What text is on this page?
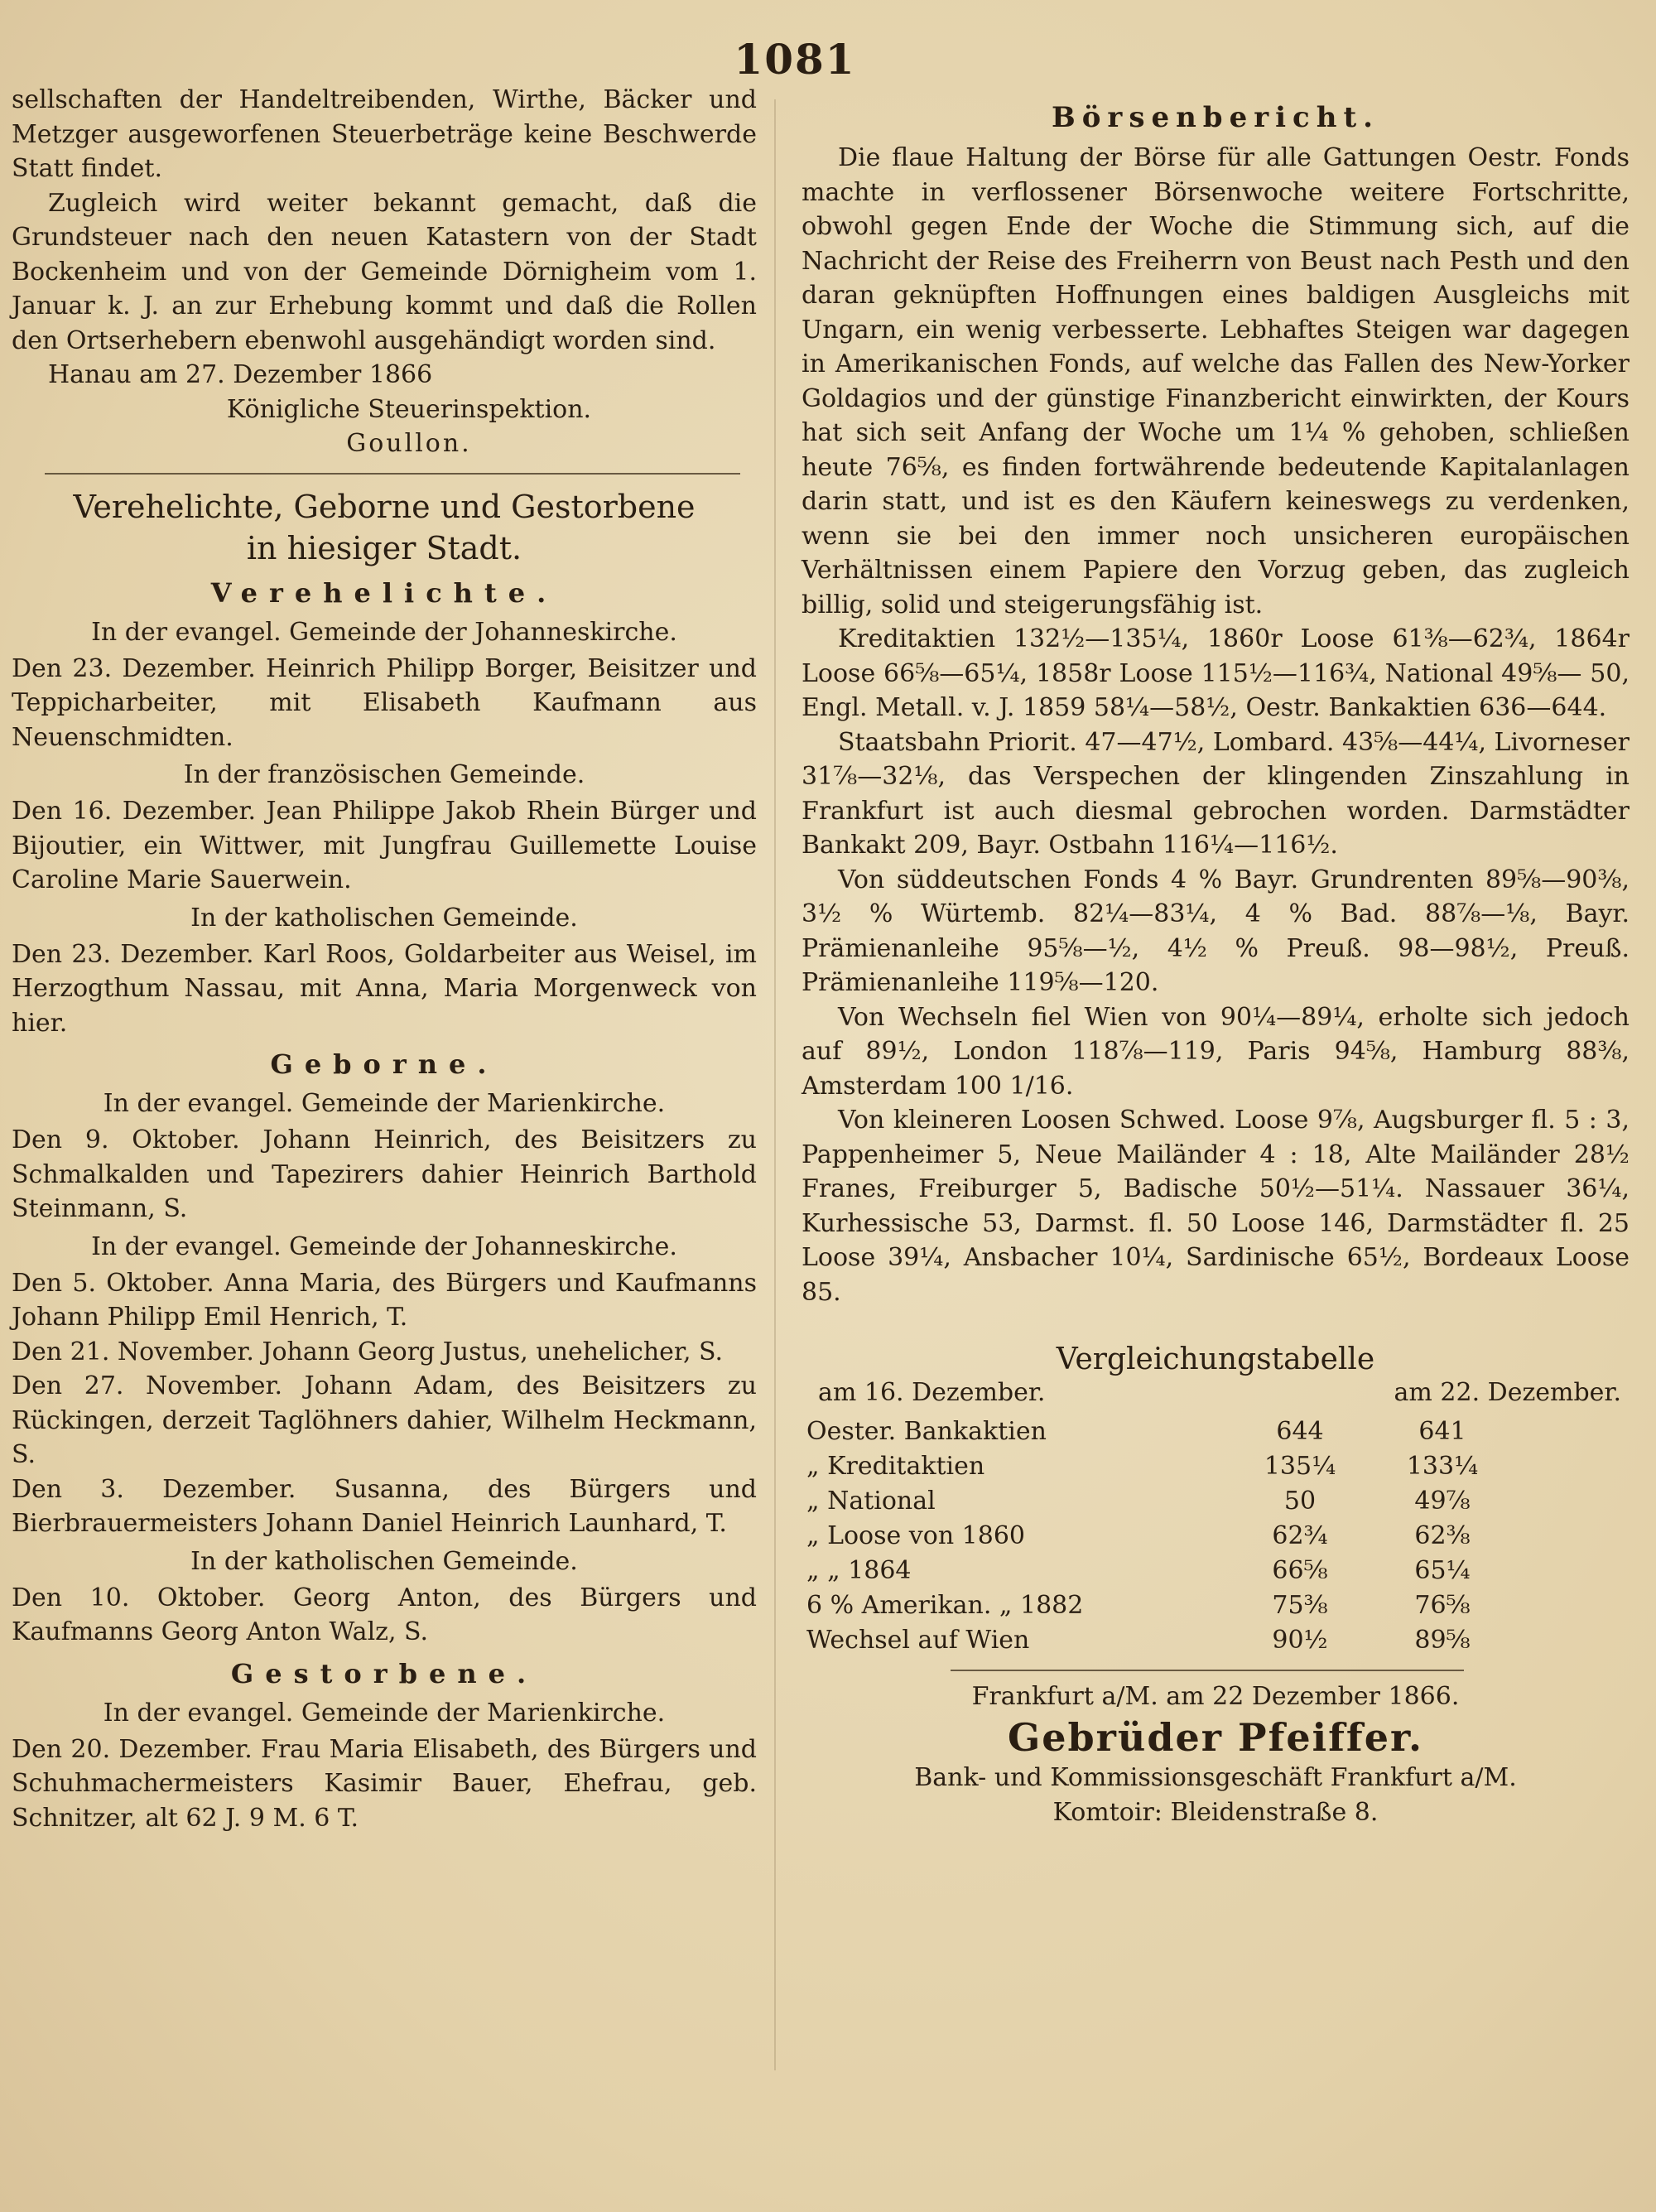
1081

sellschaften der Handeltreibenden, Wirthe, Bäcker und Metzger ausgeworfenen Steuerbeträge keine Beschwerde Statt findet.

Zugleich wird weiter bekannt gemacht, daß die Grundsteuer nach den neuen Katastern von der Stadt Bockenheim und von der Gemeinde Dörnigheim vom 1. Januar k. J. an zur Erhebung kommt und daß die Rollen den Ortserhebern ebenwohl ausgehändigt worden sind.

Hanau am 27. Dezember 1866

Königliche Steuerinspektion.

Goullon.

Verehelichte, Geborne und Gestorbene
in hiesiger Stadt.
Verehelichte.
In der evangel. Gemeinde der Johanneskirche.

Den 23. Dezember. Heinrich Philipp Borger, Beisitzer und Teppicharbeiter, mit Elisabeth Kaufmann aus Neuenschmidten.

In der französischen Gemeinde.

Den 16. Dezember. Jean Philippe Jakob Rhein Bürger und Bijoutier, ein Wittwer, mit Jungfrau Guillemette Louise Caroline Marie Sauerwein.

In der katholischen Gemeinde.

Den 23. Dezember. Karl Roos, Goldarbeiter aus Weisel, im Herzogthum Nassau, mit Anna, Maria Morgenweck von hier.

Geborne.
In der evangel. Gemeinde der Marienkirche.

Den 9. Oktober. Johann Heinrich, des Beisitzers zu Schmalkalden und Tapezirers dahier Heinrich Barthold Steinmann, S.

In der evangel. Gemeinde der Johanneskirche.

Den 5. Oktober. Anna Maria, des Bürgers und Kaufmanns Johann Philipp Emil Henrich, T.

Den 21. November. Johann Georg Justus, unehelicher, S.

Den 27. November. Johann Adam, des Beisitzers zu Rückingen, derzeit Taglöhners dahier, Wilhelm Heckmann, S.

Den 3. Dezember. Susanna, des Bürgers und Bierbrauermeisters Johann Daniel Heinrich Launhard, T.

In der katholischen Gemeinde.

Den 10. Oktober. Georg Anton, des Bürgers und Kaufmanns Georg Anton Walz, S.

Gestorbene.
In der evangel. Gemeinde der Marienkirche.

Den 20. Dezember. Frau Maria Elisabeth, des Bürgers und Schuhmachermeisters Kasimir Bauer, Ehefrau, geb. Schnitzer, alt 62 J. 9 M. 6 T.

Börsenbericht.

Die flaue Haltung der Börse für alle Gattungen Oestr. Fonds machte in verflossener Börsenwoche weitere Fortschritte, obwohl gegen Ende der Woche die Stimmung sich, auf die Nachricht der Reise des Freiherrn von Beust nach Pesth und den daran geknüpften Hoffnungen eines baldigen Ausgleichs mit Ungarn, ein wenig verbesserte. Lebhaftes Steigen war dagegen in Amerikanischen Fonds, auf welche das Fallen des New-Yorker Goldagios und der günstige Finanzbericht einwirkten, der Kours hat sich seit Anfang der Woche um 1¼ % gehoben, schließen heute 76⅝, es finden fortwährende bedeutende Kapitalanlagen darin statt, und ist es den Käufern keineswegs zu verdenken, wenn sie bei den immer noch unsicheren europäischen Verhältnissen einem Papiere den Vorzug geben, das zugleich billig, solid und steigerungsfähig ist.

Kreditaktien 132½—135¼, 1860r Loose 61⅜—62¾, 1864r Loose 66⅝—65¼, 1858r Loose 115½—116¾, National 49⅝— 50, Engl. Metall. v. J. 1859 58¼—58½, Oestr. Bankaktien 636—644.

Staatsbahn Priorit. 47—47½, Lombard. 43⅝—44¼, Livorneser 31⅞—32⅛, das Verspechen der klingenden Zinszahlung in Frankfurt ist auch diesmal gebrochen worden. Darmstädter Bankakt 209, Bayr. Ostbahn 116¼—116½.

Von süddeutschen Fonds 4 % Bayr. Grundrenten 89⅝—90⅜, 3½ % Würtemb. 82¼—83¼, 4 % Bad. 88⅞—⅛, Bayr. Prämienanleihe 95⅝—½, 4½ % Preuß. 98—98½, Preuß. Prämienanleihe 119⅝—120.

Von Wechseln fiel Wien von 90¼—89¼, erholte sich jedoch auf 89½, London 118⅞—119, Paris 94⅝, Hamburg 88⅜, Amsterdam 100 1/16.

Von kleineren Loosen Schwed. Loose 9⅞, Augsburger fl. 5 : 3, Pappenheimer 5, Neue Mailänder 4 : 18, Alte Mailänder 28½ Franes, Freiburger 5, Badische 50½—51¼. Nassauer 36¼, Kurhessische 53, Darmst. fl. 50 Loose 146, Darmstädter fl. 25 Loose 39¼, Ansbacher 10¼, Sardinische 65½, Bordeaux Loose 85.

Vergleichungstabelle
am 16. Dezember.	am 22. Dezember.
Oester. Bankaktien	644	641
„ Kreditaktien	135¼	133¼
„ National	50	49⅞
„ Loose von 1860	62¾	62⅜
„ „ 1864	66⅝	65¼
6 % Amerikan. „ 1882	75⅜	76⅝
Wechsel auf Wien	90½	89⅝
Frankfurt a/M. am 22 Dezember 1866.
Gebrüder Pfeiffer.
Bank- und Kommissionsgeschäft Frankfurt a/M.
Komtoir: Bleidenstraße 8.
